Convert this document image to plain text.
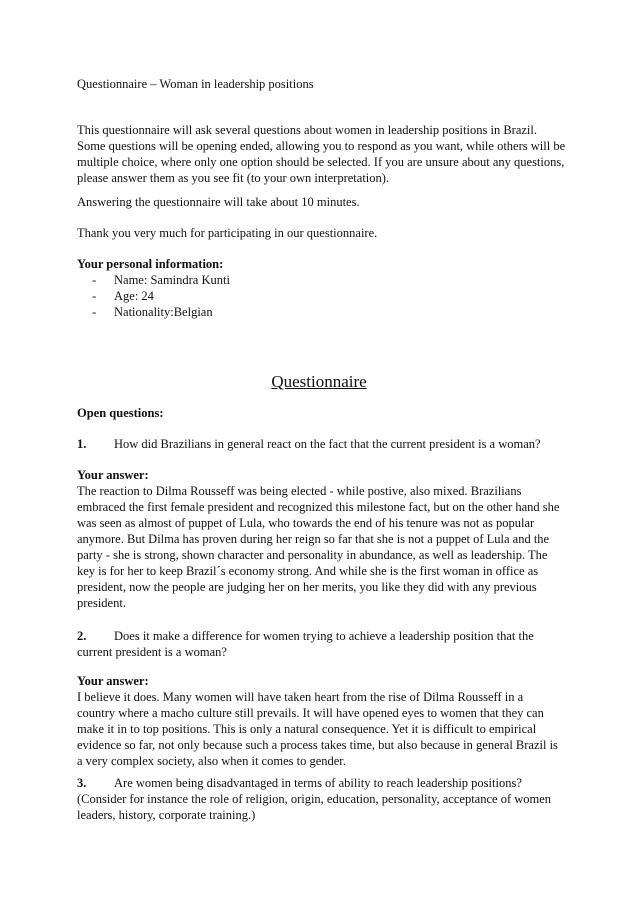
Questionnaire – Woman in leadership positions

This questionnaire will ask several questions about women in leadership positions in Brazil. Some questions will be opening ended, allowing you to respond as you want, while others will be multiple choice, where only one option should be selected. If you are unsure about any questions, please answer them as you see fit (to your own interpretation).

Answering the questionnaire will take about 10 minutes.

Thank you very much for participating in our questionnaire.

Your personal information:

-	Name: Samindra Kunti
-	Age: 24
-	Nationality:Belgian
Questionnaire

Open questions:

1. How did Brazilians in general react on the fact that the current president is a woman?

Your answer:

The reaction to Dilma Rousseff was being elected - while postive, also mixed. Brazilians embraced the first female president and recognized this milestone fact, but on the other hand she was seen as almost of puppet of Lula, who towards the end of his tenure was not as popular anymore. But Dilma has proven during her reign so far that she is not a puppet of Lula and the party - she is strong, shown character and personality in abundance, as well as leadership. The key is for her to keep Brazil´s economy strong. And while she is the first woman in office as president, now the people are judging her on her merits, you like they did with any previous president.
2. Does it make a difference for women trying to achieve a leadership position that the current president is a woman?

Your answer:

I believe it does. Many women will have taken heart from the rise of Dilma Rousseff in a country where a macho culture still prevails. It will have opened eyes to women that they can make it in to top positions. This is only a natural consequence. Yet it is difficult to empirical evidence so far, not only because such a process takes time, but also because in general Brazil is a very complex society, also when it comes to gender.
3. Are women being disadvantaged in terms of ability to reach leadership positions? (Consider for instance the role of religion, origin, education, personality, acceptance of women leaders, history, corporate training.)
